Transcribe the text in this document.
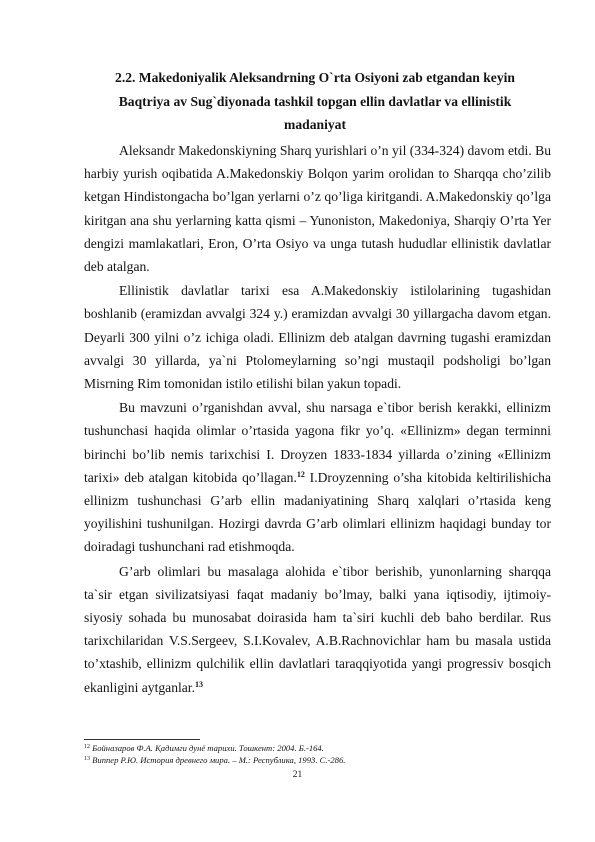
2.2. Makedoniyalik Aleksandrning O`rta Osiyoni zab etgandan keyin
Baqtriya av Sug`diyonada tashkil topgan ellin davlatlar va ellinistik
madaniyat

Aleksandr Makedonskiyning Sharq yurishlari o’n yil (334-324) davom etdi. Bu harbiy yurish oqibatida A.Makedonskiy Bolqon yarim orolidan to Sharqqa cho’zilib ketgan Hindistongacha bo’lgan yerlarni o’z qo’liga kiritgandi. A.Makedonskiy qo’lga kiritgan ana shu yerlarning katta qismi – Yunoniston, Makedoniya, Sharqiy O’rta Yer dengizi mamlakatlari, Eron, O’rta Osiyo va unga tutash hududlar ellinistik davlatlar deb atalgan.

Ellinistik davlatlar tarixi esa A.Makedonskiy istilolarining tugashidan boshlanib (eramizdan avvalgi 324 y.) eramizdan avvalgi 30 yillargacha davom etgan. Deyarli 300 yilni o’z ichiga oladi. Ellinizm deb atalgan davrning tugashi eramizdan avvalgi 30 yillarda, ya`ni Ptolomeylarning so’ngi mustaqil podsholigi bo’lgan Misrning Rim tomonidan istilo etilishi bilan yakun topadi.

Bu mavzuni o’rganishdan avval, shu narsaga e`tibor berish kerakki, ellinizm tushunchasi haqida olimlar o’rtasida yagona fikr yo’q. «Ellinizm» degan terminni birinchi bo’lib nemis tarixchisi I. Droyzen 1833-1834 yillarda o’zining «Ellinizm tarixi» deb atalgan kitobida qo’llagan.$^{12}$ I.Droyzenning o’sha kitobida keltirilishicha ellinizm tushunchasi G’arb ellin madaniyatining Sharq xalqlari o’rtasida keng yoyilishini tushunilgan. Hozirgi davrda G’arb olimlari ellinizm haqidagi bunday tor doiradagi tushunchani rad etishmoqda.

G’arb olimlari bu masalaga alohida e`tibor berishib, yunonlarning sharqqa ta`sir etgan sivilizatsiyasi faqat madaniy bo’lmay, balki yana iqtisodiy, ijtimoiy-siyosiy sohada bu munosabat doirasida ham ta`siri kuchli deb baho berdilar. Rus tarixchilaridan V.S.Sergeev, S.I.Kovalev, A.B.Rachnovichlar ham bu masala ustida to’xtashib, ellinizm qulchilik ellin davlatlari taraqqiyotida yangi progressiv bosqich ekanligini aytganlar.$^{13}$

$^{12}$ Бойназаров Ф.А. Қадимги дунё тарихи. Тошкент: 2004. Б.-164.
$^{13}$ Виппер Р.Ю. История древнего мира. – М.: Республика, 1993. С.-286.
21
